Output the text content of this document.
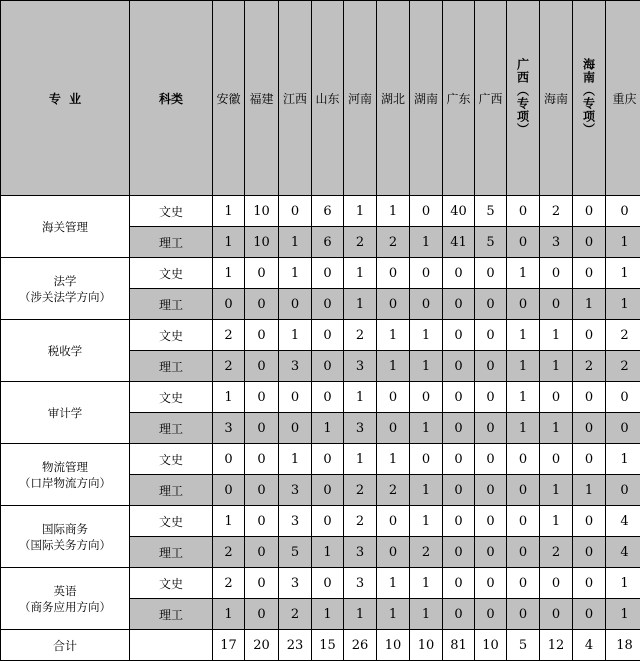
专  业	科类	安徽	福建	江西	山东	河南	湖北	湖南	广东	广西	广西（专项）	海南	海南（专项）	重庆

海关管理	文史	1	10	0	6	1	1	0	40	5	0	2	0	0
	理工	1	10	1	6	2	2	1	41	5	0	3	0	1

法学
（涉关法学方向）	文史	1	0	1	0	1	0	0	0	0	1	0	0	1
	理工	0	0	0	0	1	0	0	0	0	0	0	1	1

税收学	文史	2	0	1	0	2	1	1	0	0	1	1	0	2
	理工	2	0	3	0	3	1	1	0	0	1	1	2	2

审计学	文史	1	0	0	0	1	0	0	0	0	1	0	0	0
	理工	3	0	0	1	3	0	1	0	0	1	1	0	0

物流管理
（口岸物流方向）	文史	0	0	1	0	1	1	0	0	0	0	0	0	1
	理工	0	0	3	0	2	2	1	0	0	0	1	1	0

国际商务
（国际关务方向）	文史	1	0	3	0	2	0	1	0	0	0	1	0	4
	理工	2	0	5	1	3	0	2	0	0	0	2	0	4

英语
（商务应用方向）	文史	2	0	3	0	3	1	1	0	0	0	0	0	1
	理工	1	0	2	1	1	1	1	0	0	0	0	0	1
合计		17	20	23	15	26	10	10	81	10	5	12	4	18
